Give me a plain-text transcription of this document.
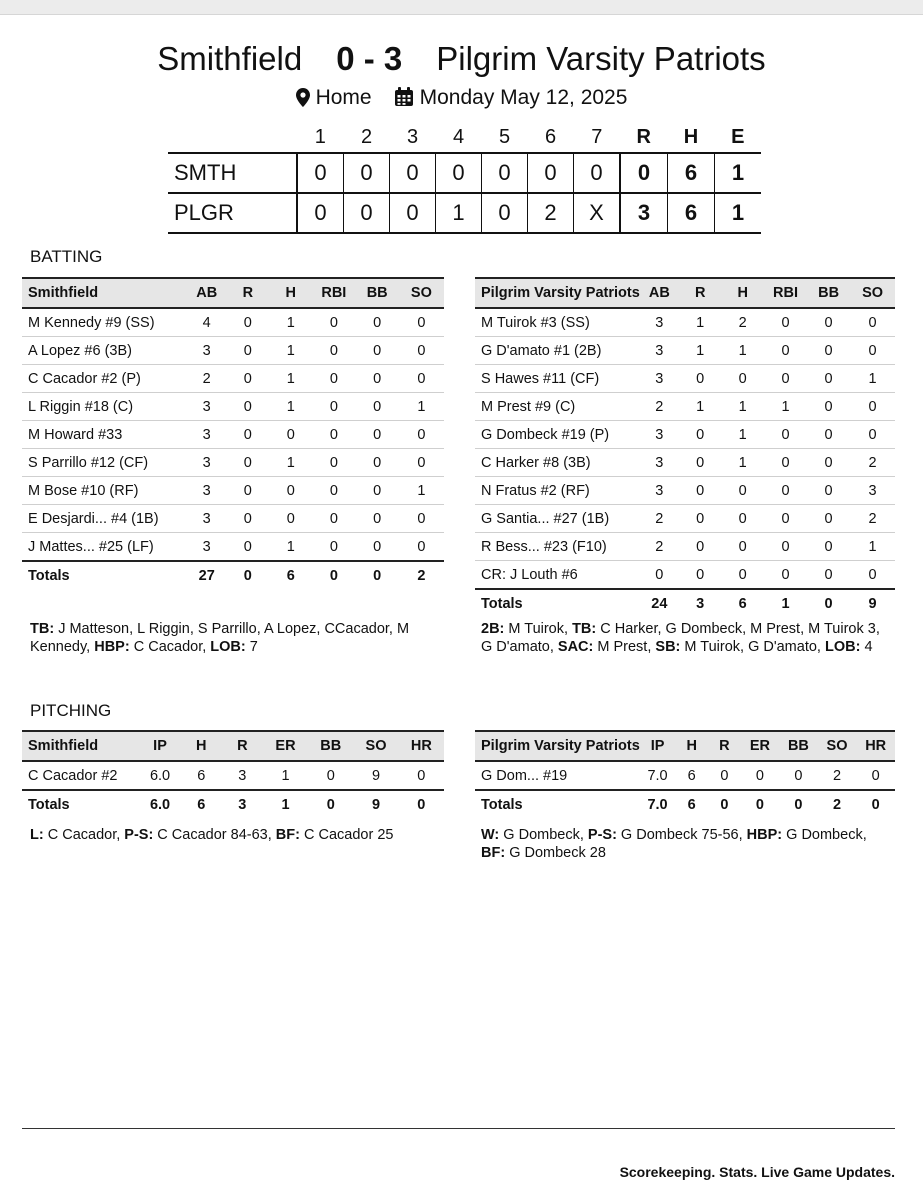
Smithfield 0 - 3 Pilgrim Varsity Patriots
Home Monday May 12, 2025
	1	2	3	4	5	6	7	R	H	E
SMTH	0	0	0	0	0	0	0	0	6	1
PLGR	0	0	0	1	0	2	X	3	6	1
BATTING
Smithfield	AB	R	H	RBI	BB	SO
M Kennedy #9 (SS)	4	0	1	0	0	0
A Lopez #6 (3B)	3	0	1	0	0	0
C Cacador #2 (P)	2	0	1	0	0	0
L Riggin #18 (C)	3	0	1	0	0	1
M Howard #33	3	0	0	0	0	0
S Parrillo #12 (CF)	3	0	1	0	0	0
M Bose #10 (RF)	3	0	0	0	0	1
E Desjardi... #4 (1B)	3	0	0	0	0	0
J Mattes... #25 (LF)	3	0	1	0	0	0
Totals	27	0	6	0	0	2
Pilgrim Varsity Patriots	AB	R	H	RBI	BB	SO
M Tuirok #3 (SS)	3	1	2	0	0	0
G D'amato #1 (2B)	3	1	1	0	0	0
S Hawes #11 (CF)	3	0	0	0	0	1
M Prest #9 (C)	2	1	1	1	0	0
G Dombeck #19 (P)	3	0	1	0	0	0
C Harker #8 (3B)	3	0	1	0	0	2
N Fratus #2 (RF)	3	0	0	0	0	3
G Santia... #27 (1B)	2	0	0	0	0	2
R Bess... #23 (F10)	2	0	0	0	0	1
CR: J Louth #6	0	0	0	0	0	0
Totals	24	3	6	1	0	9
TB: J Matteson, L Riggin, S Parrillo, A Lopez, CCacador, M Kennedy, HBP: C Cacador, LOB: 7
2B: M Tuirok, TB: C Harker, G Dombeck, M Prest, M Tuirok 3, G D'amato, SAC: M Prest, SB: M Tuirok, G D'amato, LOB: 4
PITCHING
Smithfield	IP	H	R	ER	BB	SO	HR
C Cacador #2	6.0	6	3	1	0	9	0
Totals	6.0	6	3	1	0	9	0
Pilgrim Varsity Patriots	IP	H	R	ER	BB	SO	HR
G Dom... #19	7.0	6	0	0	0	2	0
Totals	7.0	6	0	0	0	2	0
L: C Cacador, P-S: C Cacador 84-63, BF: C Cacador 25	W: G Dombeck, P-S: G Dombeck 75-56, HBP: G Dombeck, BF: G Dombeck 28
Scorekeeping. Stats. Live Game Updates.
